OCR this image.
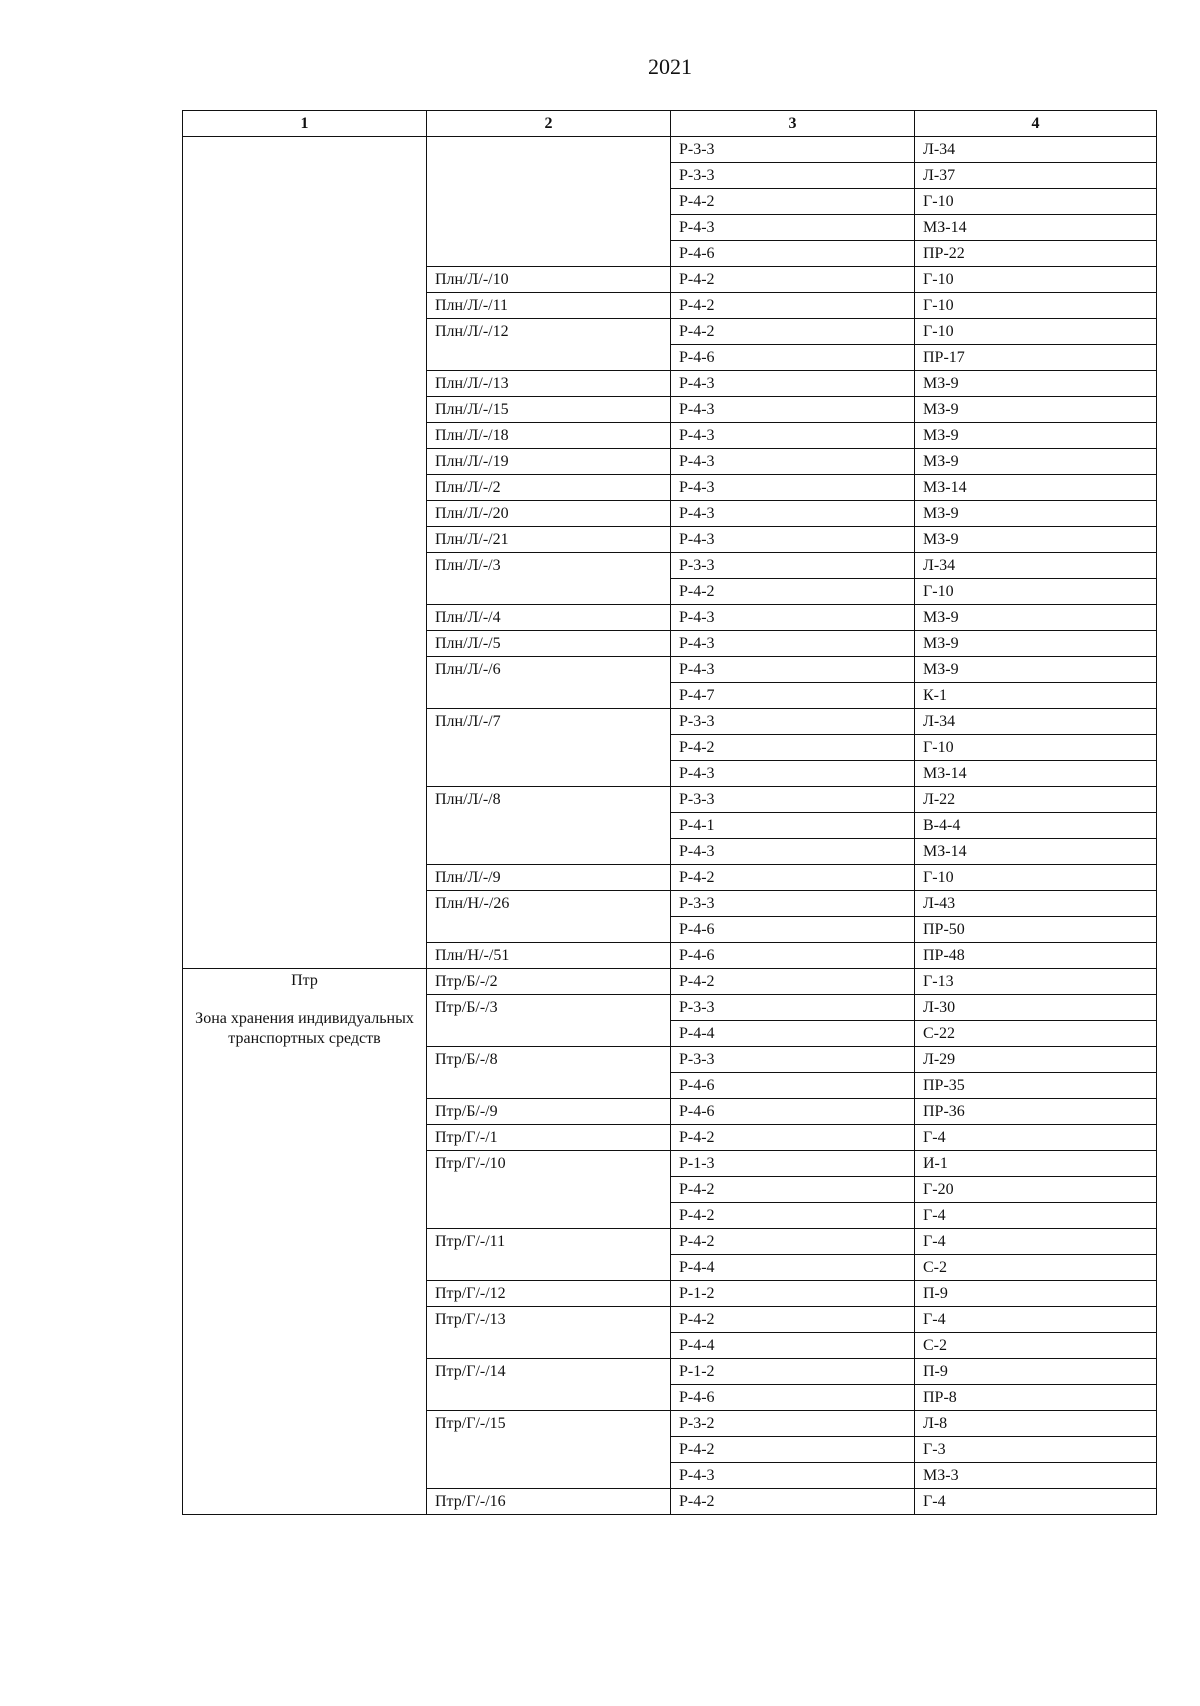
2021
1	2	3	4
		Р-3-3	Л-34
		Р-3-3	Л-37
		Р-4-2	Г-10
		Р-4-3	МЗ-14
		Р-4-6	ПР-22
	Плн/Л/-/10	Р-4-2	Г-10
	Плн/Л/-/11	Р-4-2	Г-10
	Плн/Л/-/12	Р-4-2	Г-10
		Р-4-6	ПР-17
	Плн/Л/-/13	Р-4-3	МЗ-9
	Плн/Л/-/15	Р-4-3	МЗ-9
	Плн/Л/-/18	Р-4-3	МЗ-9
	Плн/Л/-/19	Р-4-3	МЗ-9
	Плн/Л/-/2	Р-4-3	МЗ-14
	Плн/Л/-/20	Р-4-3	МЗ-9
	Плн/Л/-/21	Р-4-3	МЗ-9
	Плн/Л/-/3	Р-3-3	Л-34
		Р-4-2	Г-10
	Плн/Л/-/4	Р-4-3	МЗ-9
	Плн/Л/-/5	Р-4-3	МЗ-9
	Плн/Л/-/6	Р-4-3	МЗ-9
		Р-4-7	К-1
	Плн/Л/-/7	Р-3-3	Л-34
		Р-4-2	Г-10
		Р-4-3	МЗ-14
	Плн/Л/-/8	Р-3-3	Л-22
		Р-4-1	В-4-4
		Р-4-3	МЗ-14
	Плн/Л/-/9	Р-4-2	Г-10
	Плн/Н/-/26	Р-3-3	Л-43
		Р-4-6	ПР-50
	Плн/Н/-/51	Р-4-6	ПР-48

Птр
Зона хранения индивидуальных транспортных средств	Птр/Б/-/2	Р-4-2	Г-13
	Птр/Б/-/3	Р-3-3	Л-30
		Р-4-4	С-22
	Птр/Б/-/8	Р-3-3	Л-29
		Р-4-6	ПР-35
	Птр/Б/-/9	Р-4-6	ПР-36
	Птр/Г/-/1	Р-4-2	Г-4
	Птр/Г/-/10	Р-1-3	И-1
		Р-4-2	Г-20
		Р-4-2	Г-4
	Птр/Г/-/11	Р-4-2	Г-4
		Р-4-4	С-2
	Птр/Г/-/12	Р-1-2	П-9
	Птр/Г/-/13	Р-4-2	Г-4
		Р-4-4	С-2
	Птр/Г/-/14	Р-1-2	П-9
		Р-4-6	ПР-8
	Птр/Г/-/15	Р-3-2	Л-8
		Р-4-2	Г-3
		Р-4-3	МЗ-3
	Птр/Г/-/16	Р-4-2	Г-4
